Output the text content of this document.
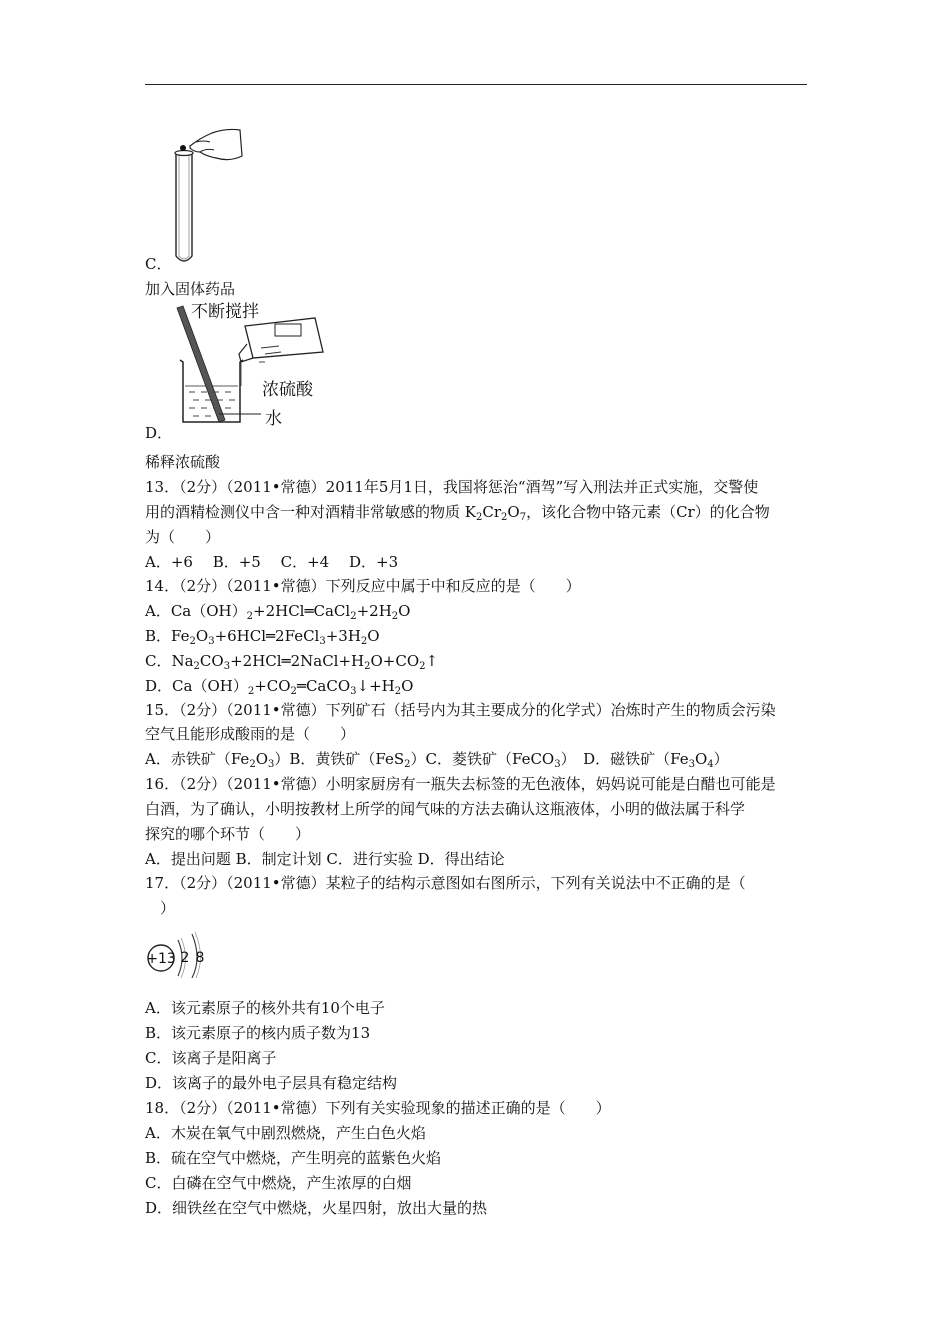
C．
加入固体药品
不断搅拌
浓硫酸
水
D．
稀释浓硫酸
13．（2分）（2011•常德）2011年5月1日，我国将惩治“酒驾”写入刑法并正式实施，交警使
用的酒精检测仪中含一种对酒精非常敏感的物质 $K_2Cr_2O_7$，该化合物中铬元素（Cr）的化合物
为（　　）
A．+6　 B．+5　 C．+4　 D．+3
14．（2分）（2011•常德）下列反应中属于中和反应的是（　　）
A．$Ca(OH)_2+2HCl═CaCl_2+2H_2O$
B．$Fe_2O_3+6HCl═2FeCl_3+3H_2O$
C．$Na_2CO_3+2HCl═2NaCl+H_2O+CO_2↑$
D．$Ca(OH)_2+CO_2═CaCO_3↓+H_2O$
15．（2分）（2011•常德）下列矿石（括号内为其主要成分的化学式）冶炼时产生的物质会污染
空气且能形成酸雨的是（　　）
A．赤铁矿$(Fe_2O_3)B$．黄铁矿（FeS$_2$）C．菱铁矿（FeCO$_3$）　D．磁铁矿$(Fe_3O_4)$
16．（2分）（2011•常德）小明家厨房有一瓶失去标签的无色液体，妈妈说可能是白醋也可能是
白酒，为了确认，小明按教材上所学的闻气味的方法去确认这瓶液体，小明的做法属于科学
探究的哪个环节（　　）
A．提出问题 B．制定计划 C．进行实验 D．得出结论
17．（2分）（2011•常德）某粒子的结构示意图如右图所示，下列有关说法中不正确的是（
　）
+13 2 8
A．该元素原子的核外共有10个电子
B．该元素原子的核内质子数为13
C．该离子是阳离子
D．该离子的最外电子层具有稳定结构
18．（2分）（2011•常德）下列有关实验现象的描述正确的是（　　）
A．木炭在氧气中剧烈燃烧，产生白色火焰
B．硫在空气中燃烧，产生明亮的蓝紫色火焰
C．白磷在空气中燃烧，产生浓厚的白烟
D．细铁丝在空气中燃烧，火星四射，放出大量的热
